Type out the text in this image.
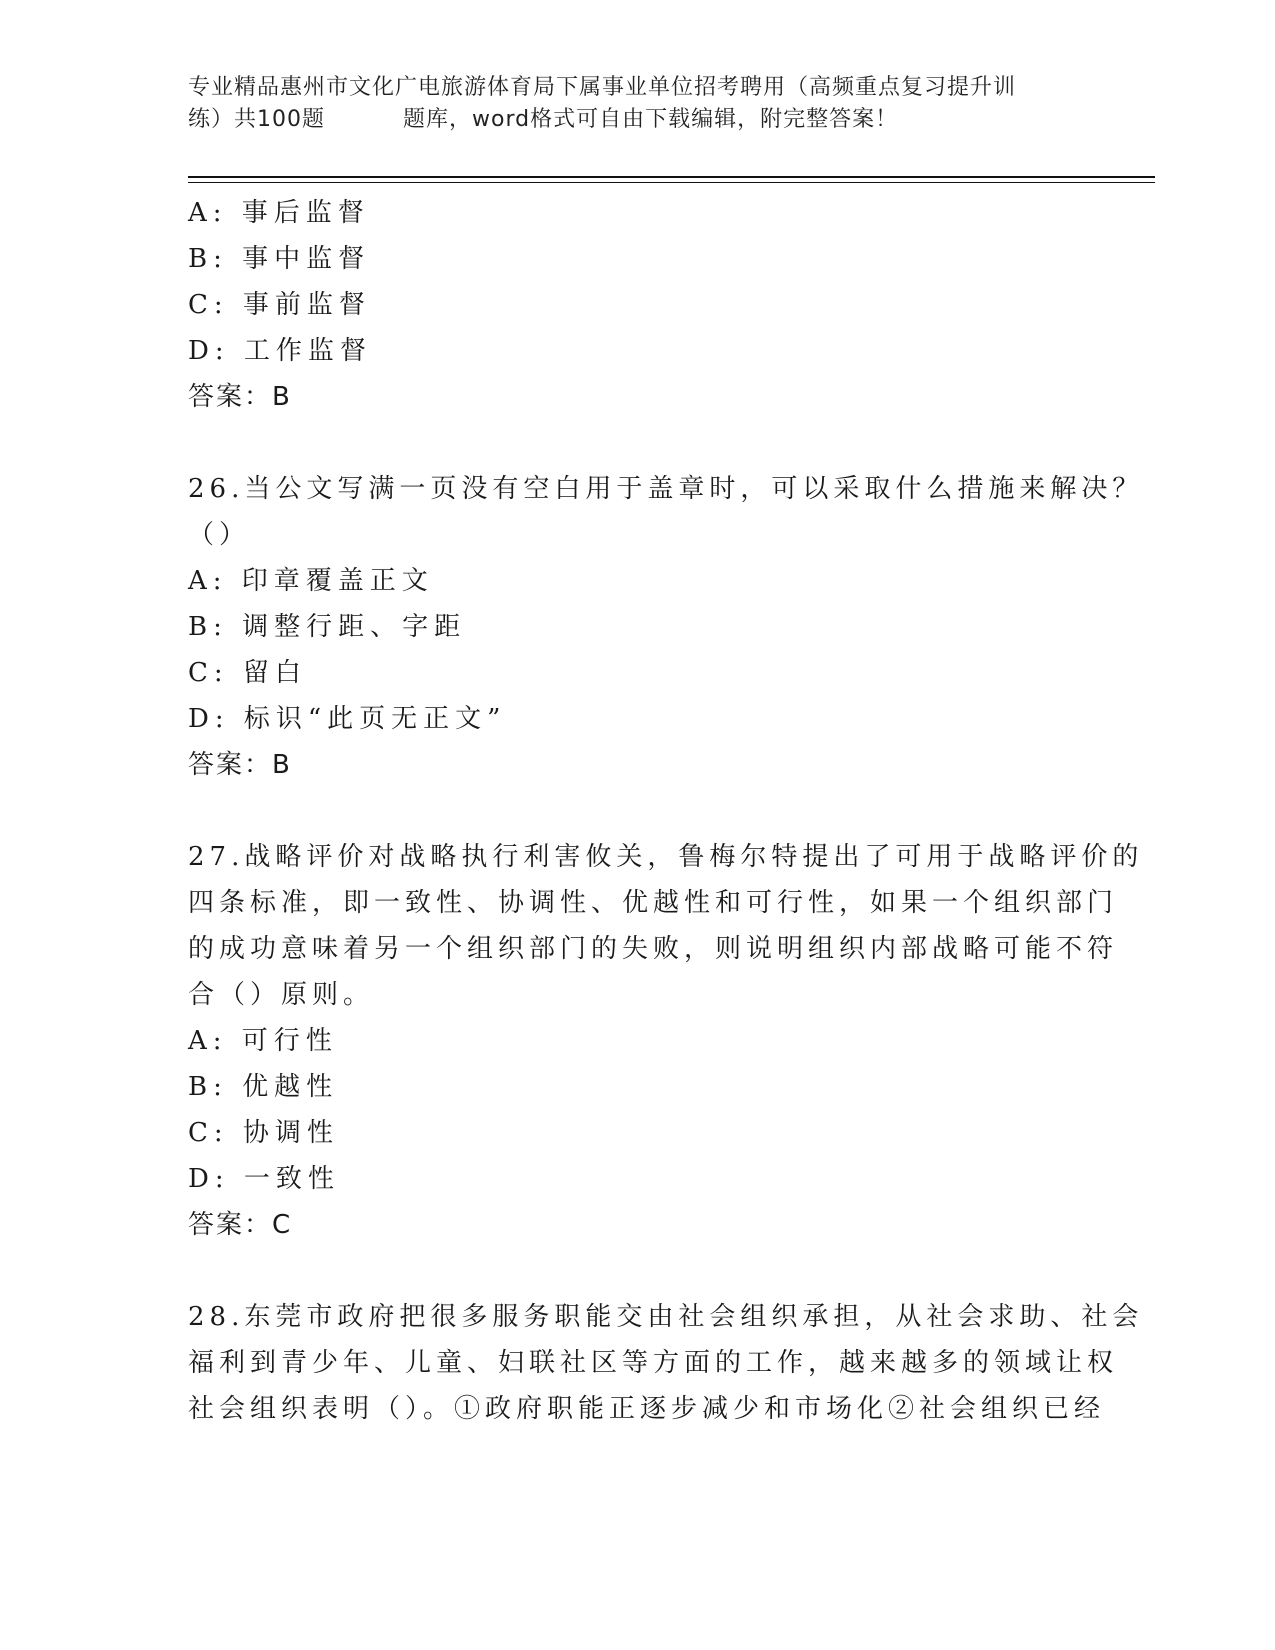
专业精品惠州市文化广电旅游体育局下属事业单位招考聘用（高频重点复习提升训
练）共100题	题库，word格式可自由下载编辑，附完整答案！
A: 事后监督
B: 事中监督
C: 事前监督
D: 工作监督
答案：B
26.当公文写满一页没有空白用于盖章时，可以采取什么措施来解决？
（）
A: 印章覆盖正文
B: 调整行距、字距
C: 留白
D: 标识“此页无正文”
答案：B
27.战略评价对战略执行利害攸关，鲁梅尔特提出了可用于战略评价的
四条标准，即一致性、协调性、优越性和可行性，如果一个组织部门
的成功意味着另一个组织部门的失败，则说明组织内部战略可能不符
合（）原则。
A: 可行性
B: 优越性
C: 协调性
D: 一致性
答案：C
28.东莞市政府把很多服务职能交由社会组织承担，从社会求助、社会
福利到青少年、儿童、妇联社区等方面的工作，越来越多的领域让权
社会组织表明（）。①政府职能正逐步减少和市场化②社会组织已经
